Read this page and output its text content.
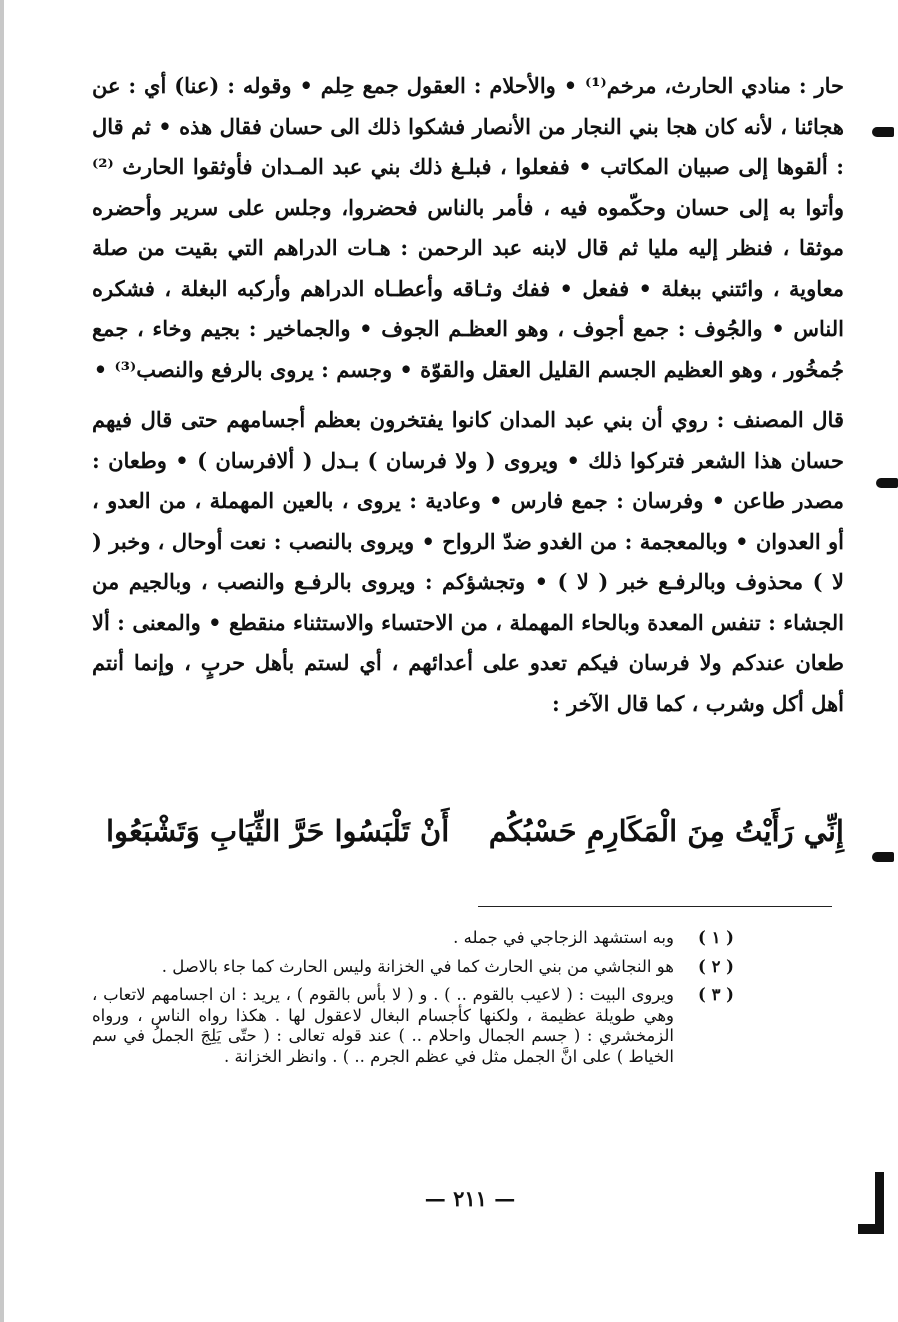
حار : منادي الحارث، مرخم⁽¹⁾ • والأحلام : العقول جمع حِلم • وقوله : (عنا) أي : عن هجائنا ، لأنه كان هجا بني النجار من الأنصار فشكوا ذلك الى حسان فقال هذه • ثم قال : ألقوها إلى صبيان المكاتب • ففعلوا ، فبلـغ ذلك بني عبد المـدان فأوثقوا الحارث ⁽²⁾ وأتوا به إلى حسان وحكّموه فيه ، فأمر بالناس فحضروا، وجلس على سرير وأحضره موثقا ، فنظر إليه مليا ثم قال لابنه عبد الرحمن : هـات الدراهم التي بقيت من صلة معاوية ، وائتني ببغلة • ففعل • ففك وثـاقه وأعطـاه الدراهم وأركبه البغلة ، فشكره الناس • والجُوف : جمع أجوف ، وهو العظـم الجوف • والجماخير : بجيم وخاء ، جمع جُمخُور ، وهو العظيم الجسم القليل العقل والقوّة • وجسم : يروى بالرفع والنصب⁽³⁾ •

قال المصنف : روي أن بني عبد المدان كانوا يفتخرون بعظم أجسامهم حتى قال فيهم حسان هذا الشعر فتركوا ذلك • ويروى ( ولا فرسان ) بـدل ( ألافرسان ) • وطعان : مصدر طاعن • وفرسان : جمع فارس • وعادية : يروى ، بالعين المهملة ، من العدو ، أو العدوان • وبالمعجمة : من الغدو ضدّ الرواح • ويروى بالنصب : نعت أوحال ، وخبر ( لا ) محذوف وبالرفـع خبر ( لا ) • وتجشؤكم : ويروى بالرفـع والنصب ، وبالجيم من الجشاء : تنفس المعدة وبالحاء المهملة ، من الاحتساء والاستثناء منقطع • والمعنى : ألا طعان عندكم ولا فرسان فيكم تعدو على أعدائهم ، أي لستم بأهل حربٍ ، وإنما أنتم أهل أكل وشرب ، كما قال الآخر :

إِنِّي رَأَيْتُ مِنَ الْمَكَارِمِ حَسْبُكُم
أَنْ تَلْبَسُوا حَرَّ الثِّيَابِ وَتَشْبَعُوا
( ١ )
وبه استشهد الزجاجي في جمله .
( ٢ )
هو النجاشي من بني الحارث كما في الخزانة وليس الحارث كما جاء بالاصل .
( ٣ )
ويروى البيت : ( لاعيب بالقوم .. ) . و ( لا بأس بالقوم ) ، يريد : ان اجسامهم لاتعاب ، وهي طويلة عظيمة ، ولكنها كأجسام البغال لاعقول لها . هكذا رواه الناس ، ورواه الزمخشري : ( جسم الجمال واحلام .. ) عند قوله تعالى : ( حتّى يَلِجَ الجملُ في سم الخياط ) على انَّ الجمل مثل في عظم الجرم .. ) . وانظر الخزانة .
— ٢١١ —
